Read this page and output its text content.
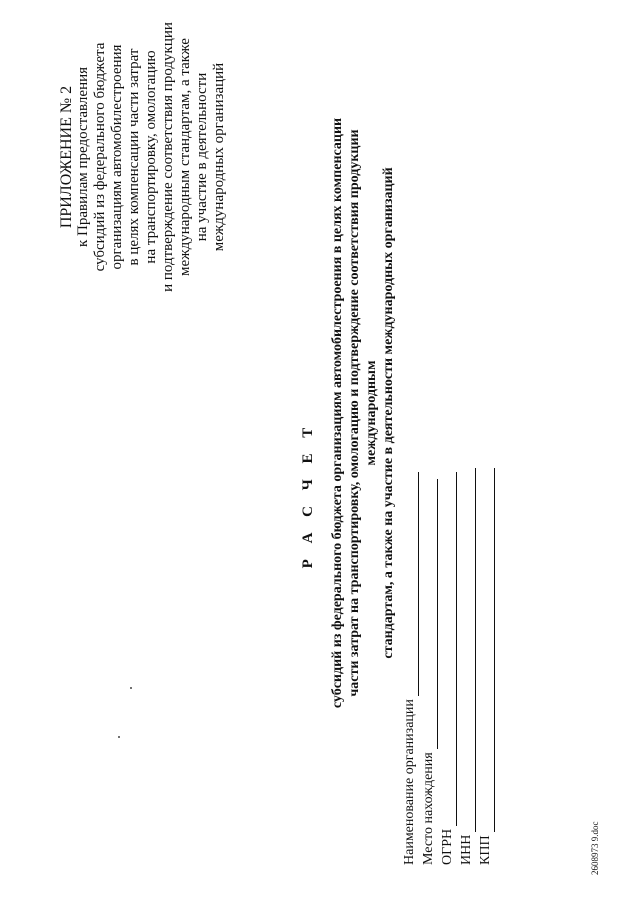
ПРИЛОЖЕНИЕ № 2 к Правилам предоставления субсидий из федерального бюджета организациям автомобилестроения в целях компенсации части затрат на транспортировку, омологацию и подтверждение соответствия продукции международным стандартам, а также на участие в деятельности международных организаций
Р А С Ч Е Т субсидий из федерального бюджета организациям автомобилестроения в целях компенсации части затрат на транспортировку, омологацию и подтверждение соответствия продукции международным стандартам, а также на участие в деятельности международных организаций
Наименование организации Место нахождения ОГРН ИНН КПП	2608973 9.doc
